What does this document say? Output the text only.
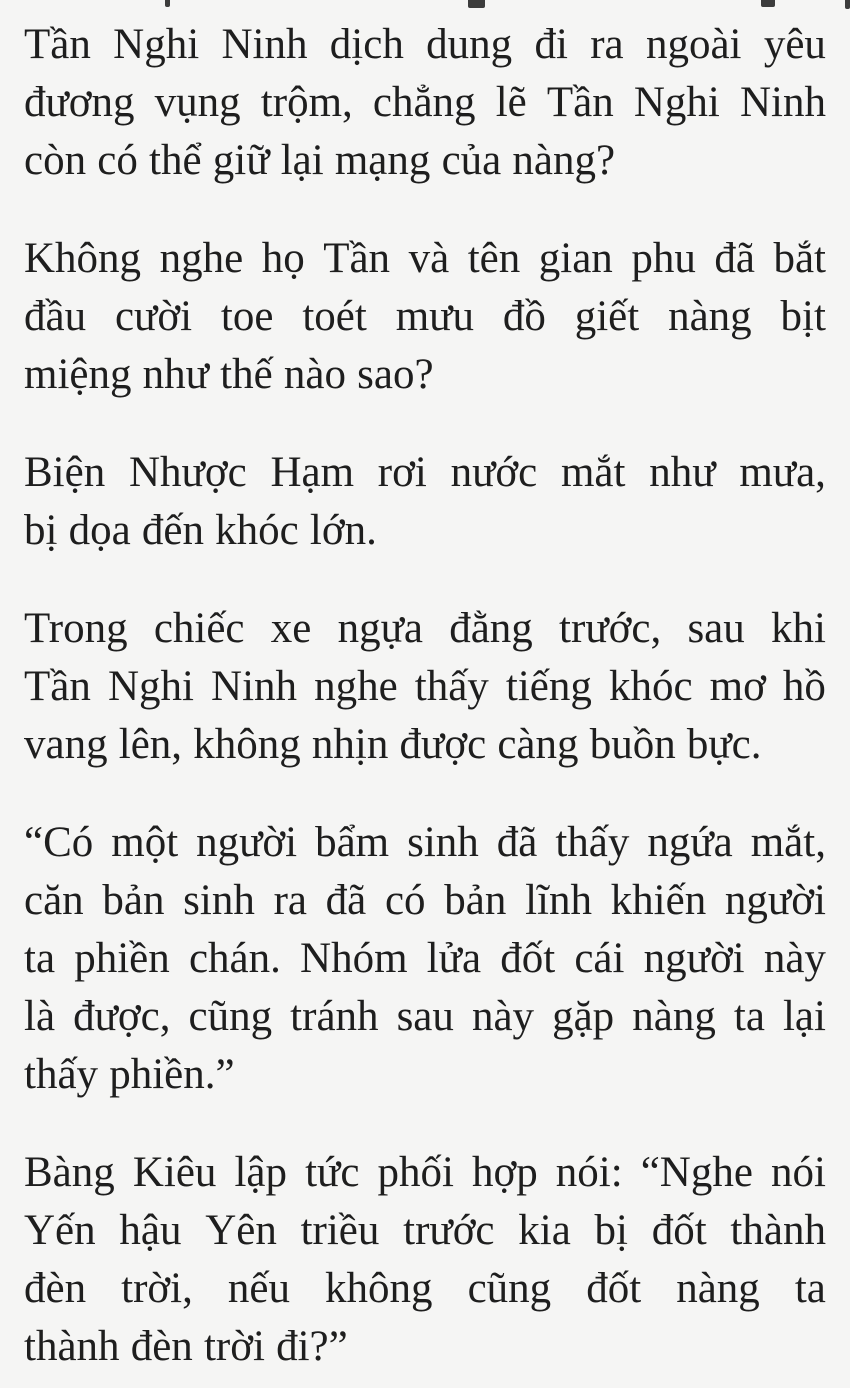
Tần Nghi Ninh dịch dung đi ra ngoài yêu
đương vụng trộm, chẳng lẽ Tần Nghi Ninh
còn có thể giữ lại mạng của nàng?
Không nghe họ Tần và tên gian phu đã bắt
đầu cười toe toét mưu đồ giết nàng bịt
miệng như thế nào sao?
Biện Nhược Hạm rơi nước mắt như mưa,
bị dọa đến khóc lớn.
Trong chiếc xe ngựa đằng trước, sau khi
Tần Nghi Ninh nghe thấy tiếng khóc mơ hồ
vang lên, không nhịn được càng buồn bực.
“Có một người bẩm sinh đã thấy ngứa mắt,
căn bản sinh ra đã có bản lĩnh khiến người
ta phiền chán. Nhóm lửa đốt cái người này
là được, cũng tránh sau này gặp nàng ta lại
thấy phiền.”
Bàng Kiêu lập tức phối hợp nói: “Nghe nói
Yến hậu Yên triều trước kia bị đốt thành
đèn trời, nếu không cũng đốt nàng ta
thành đèn trời đi?”
